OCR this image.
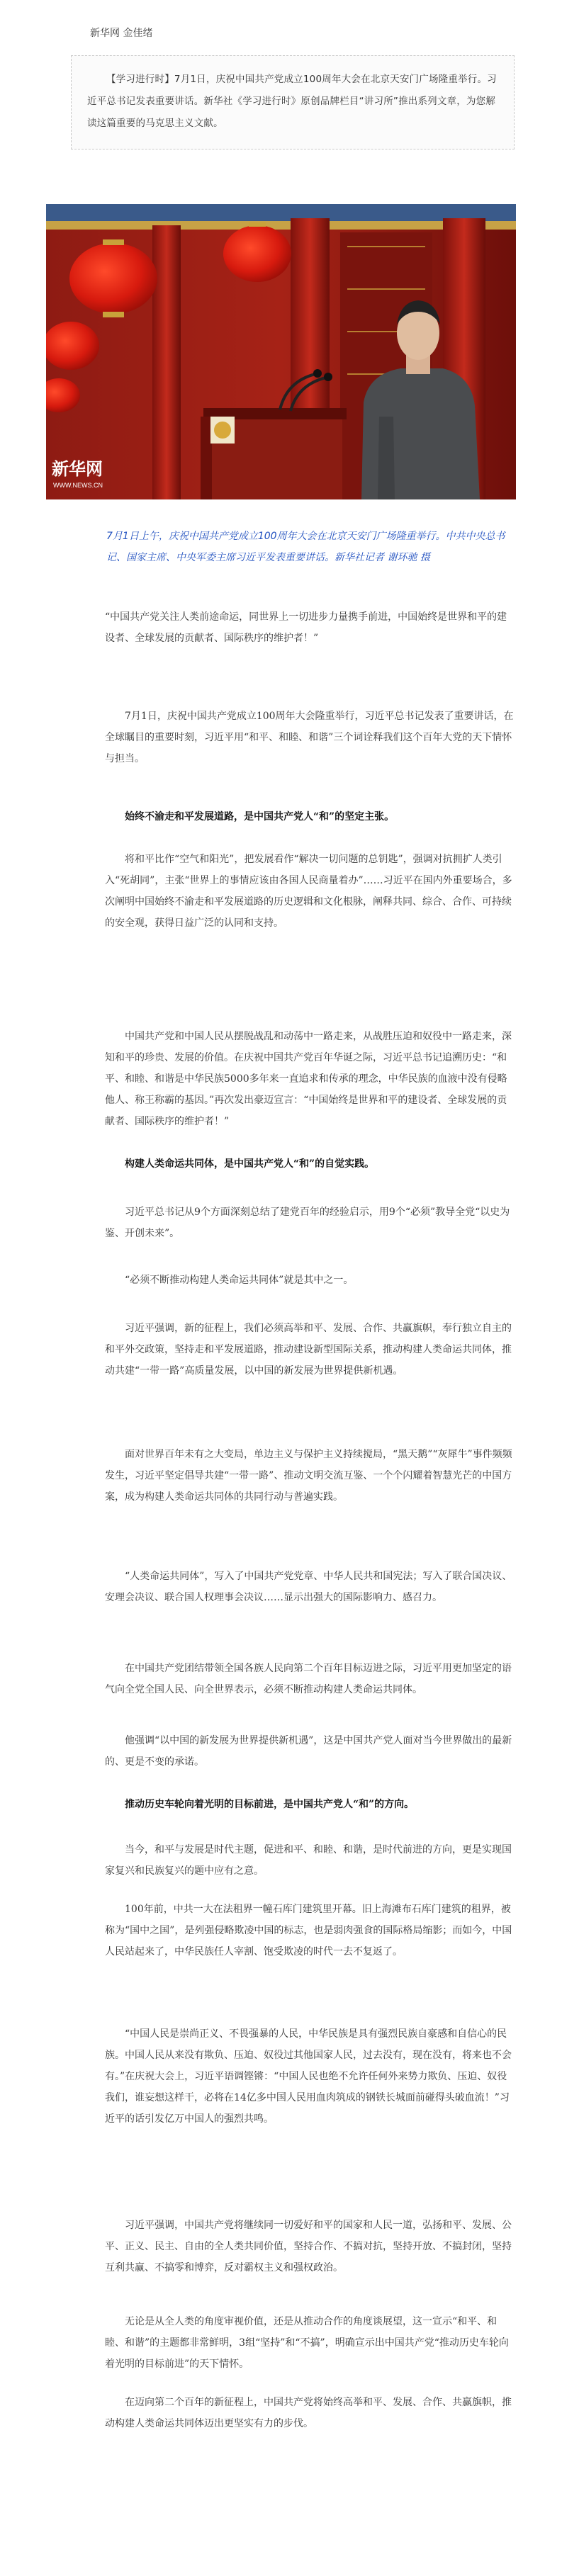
新华网 金佳绪

【学习进行时】7月1日，庆祝中国共产党成立100周年大会在北京天安门广场隆重举行。习近平总书记发表重要讲话。新华社《学习进行时》原创品牌栏目“讲习所”推出系列文章，为您解读这篇重要的马克思主义文献。

新华网
WWW.NEWS.CN
7月1日上午，庆祝中国共产党成立100周年大会在北京天安门广场隆重举行。中共中央总书记、国家主席、中央军委主席习近平发表重要讲话。新华社记者 谢环驰 摄

“中国共产党关注人类前途命运，同世界上一切进步力量携手前进，中国始终是世界和平的建设者、全球发展的贡献者、国际秩序的维护者！”

7月1日，庆祝中国共产党成立100周年大会隆重举行，习近平总书记发表了重要讲话，在全球瞩目的重要时刻，习近平用“和平、和睦、和谐”三个词诠释我们这个百年大党的天下情怀与担当。

始终不渝走和平发展道路，是中国共产党人“和”的坚定主张。

将和平比作“空气和阳光”，把发展看作“解决一切问题的总钥匙”，强调对抗拥扩人类引入“死胡同”，主张“世界上的事情应该由各国人民商量着办”……习近平在国内外重要场合，多次阐明中国始终不渝走和平发展道路的历史逻辑和文化根脉，阐释共同、综合、合作、可持续的安全观，获得日益广泛的认同和支持。

中国共产党和中国人民从摆脱战乱和动荡中一路走来，从战胜压迫和奴役中一路走来，深知和平的珍贵、发展的价值。在庆祝中国共产党百年华诞之际，习近平总书记追溯历史：“和平、和睦、和谐是中华民族5000多年来一直追求和传承的理念，中华民族的血液中没有侵略他人、称王称霸的基因。”再次发出豪迈宣言：“中国始终是世界和平的建设者、全球发展的贡献者、国际秩序的维护者！”

构建人类命运共同体，是中国共产党人“和”的自觉实践。

习近平总书记从9个方面深刻总结了建党百年的经验启示，用9个“必须”教导全党“以史为鉴、开创未来”。

“必须不断推动构建人类命运共同体”就是其中之一。

习近平强调，新的征程上，我们必须高举和平、发展、合作、共赢旗帜，奉行独立自主的和平外交政策，坚持走和平发展道路，推动建设新型国际关系，推动构建人类命运共同体，推动共建“一带一路”高质量发展，以中国的新发展为世界提供新机遇。

面对世界百年未有之大变局，单边主义与保护主义持续搅局，“黑天鹅”“灰犀牛”事件频频发生，习近平坚定倡导共建“一带一路”、推动文明交流互鉴、一个个闪耀着智慧光芒的中国方案，成为构建人类命运共同体的共同行动与普遍实践。

“人类命运共同体”，写入了中国共产党党章、中华人民共和国宪法；写入了联合国决议、安理会决议、联合国人权理事会决议……显示出强大的国际影响力、感召力。

在中国共产党团结带领全国各族人民向第二个百年目标迈进之际，习近平用更加坚定的语气向全党全国人民、向全世界表示，必须不断推动构建人类命运共同体。

他强调“以中国的新发展为世界提供新机遇”，这是中国共产党人面对当今世界做出的最新的、更是不变的承诺。

推动历史车轮向着光明的目标前进，是中国共产党人“和”的方向。

当今，和平与发展是时代主题，促进和平、和睦、和谐，是时代前进的方向，更是实现国家复兴和民族复兴的题中应有之意。

100年前，中共一大在法租界一幢石库门建筑里开幕。旧上海滩布石库门建筑的租界，被称为“国中之国”，是列强侵略欺凌中国的标志，也是弱肉强食的国际格局缩影；而如今，中国人民站起来了，中华民族任人宰割、饱受欺凌的时代一去不复返了。

“中国人民是崇尚正义、不畏强暴的人民，中华民族是具有强烈民族自豪感和自信心的民族。中国人民从来没有欺负、压迫、奴役过其他国家人民，过去没有，现在没有，将来也不会有。”在庆祝大会上，习近平语调铿锵：“中国人民也绝不允许任何外来势力欺负、压迫、奴役我们，谁妄想这样干，必将在14亿多中国人民用血肉筑成的钢铁长城面前碰得头破血流！”习近平的话引发亿万中国人的强烈共鸣。

习近平强调，中国共产党将继续同一切爱好和平的国家和人民一道，弘扬和平、发展、公平、正义、民主、自由的全人类共同价值，坚持合作、不搞对抗，坚持开放、不搞封闭，坚持互利共赢、不搞零和博弈，反对霸权主义和强权政治。

无论是从全人类的角度审视价值，还是从推动合作的角度谈展望，这一宣示“和平、和睦、和谐”的主题都非常鲜明，3组“坚持”和“不搞”，明确宣示出中国共产党“推动历史车轮向着光明的目标前进”的天下情怀。

在迈向第二个百年的新征程上，中国共产党将始终高举和平、发展、合作、共赢旗帜，推动构建人类命运共同体迈出更坚实有力的步伐。
